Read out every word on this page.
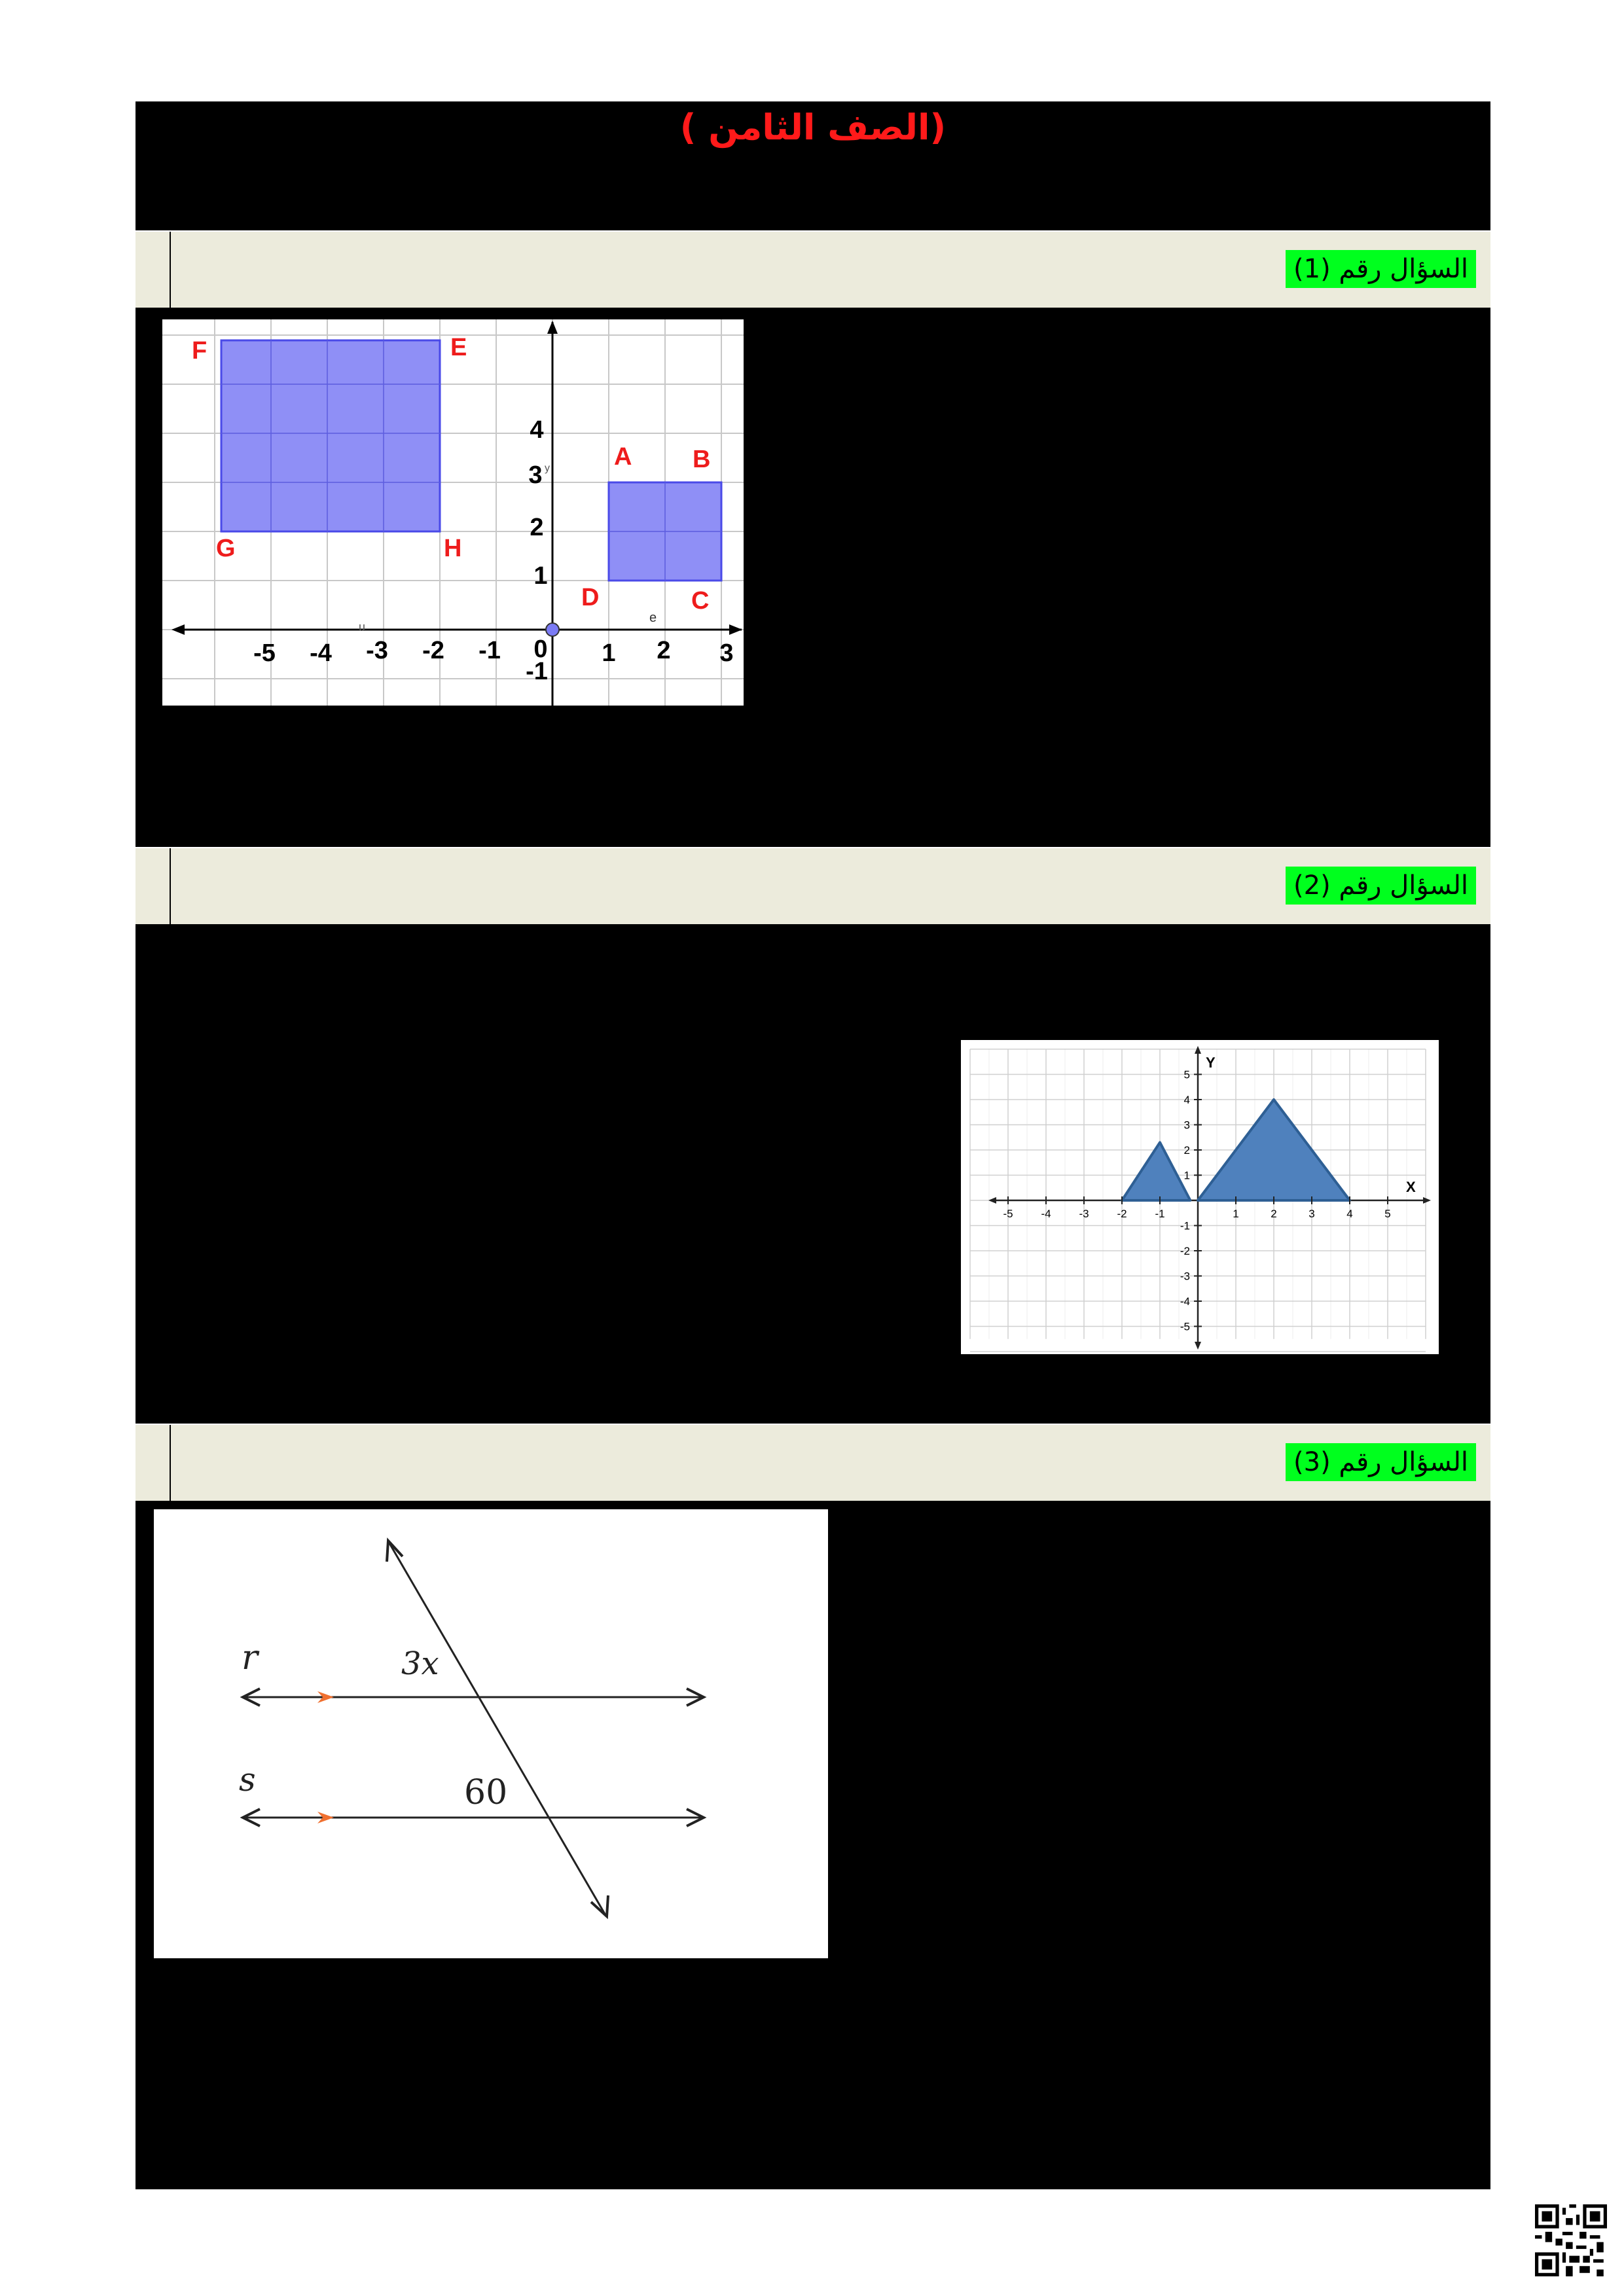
(الصف الثامن )
السؤال رقم (1)
السؤال رقم (2)
السؤال رقم (3)
-5 -4 -3 -2 -1 0 1 2 3
4
3
2
1
-1
F	E
G	H
A B
D	C
u
e
y
-5	-4	-3	-2	-1	1	2	3	4	5
5
4
3
2
1
-1
-2
-3
-4
-5
X
Y
r
s
3x
60
